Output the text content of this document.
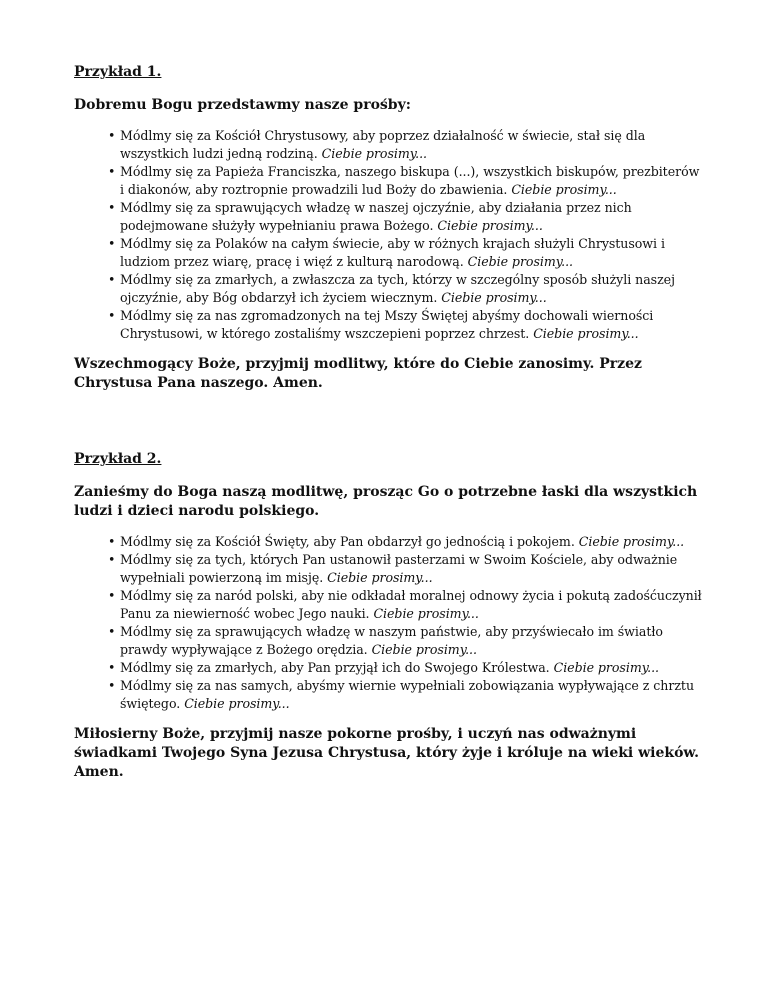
Przykład 1.

Dobremu Bogu przedstawmy nasze prośby:

• Módlmy się za Kościół Chrystusowy, aby poprzez działalność w świecie, stał się dla wszystkich ludzi jedną rodziną. Ciebie prosimy...
• Módlmy się za Papieża Franciszka, naszego biskupa (...), wszystkich biskupów, prezbiterów i diakonów, aby roztropnie prowadzili lud Boży do zbawienia. Ciebie prosimy...
• Módlmy się za sprawujących władzę w naszej ojczyźnie, aby działania przez nich podejmowane służyły wypełnianiu prawa Bożego. Ciebie prosimy...
• Módlmy się za Polaków na całym świecie, aby w różnych krajach służyli Chrystusowi i ludziom przez wiarę, pracę i więź z kulturą narodową. Ciebie prosimy...
• Módlmy się za zmarłych, a zwłaszcza za tych, którzy w szczególny sposób służyli naszej ojczyźnie, aby Bóg obdarzył ich życiem wiecznym. Ciebie prosimy...
• Módlmy się za nas zgromadzonych na tej Mszy Świętej abyśmy dochowali wierności Chrystusowi, w którego zostaliśmy wszczepieni poprzez chrzest. Ciebie prosimy...

Wszechmogący Boże, przyjmij modlitwy, które do Ciebie zanosimy. Przez Chrystusa Pana naszego. Amen.

Przykład 2.

Zanieśmy do Boga naszą modlitwę, prosząc Go o potrzebne łaski dla wszystkich ludzi i dzieci narodu polskiego.

• Módlmy się za Kościół Święty, aby Pan obdarzył go jednością i pokojem. Ciebie prosimy...
• Módlmy się za tych, których Pan ustanowił pasterzami w Swoim Kościele, aby odważnie wypełniali powierzoną im misję. Ciebie prosimy...
• Módlmy się za naród polski, aby nie odkładał moralnej odnowy życia i pokutą zadośćuczynił Panu za niewierność wobec Jego nauki. Ciebie prosimy...
• Módlmy się za sprawujących władzę w naszym państwie, aby przyświecało im światło prawdy wypływające z Bożego orędzia. Ciebie prosimy...
• Módlmy się za zmarłych, aby Pan przyjął ich do Swojego Królestwa. Ciebie prosimy...
• Módlmy się za nas samych, abyśmy wiernie wypełniali zobowiązania wypływające z chrztu świętego. Ciebie prosimy...

Miłosierny Boże, przyjmij nasze pokorne prośby, i uczyń nas odważnymi świadkami Twojego Syna Jezusa Chrystusa, który żyje i króluje na wieki wieków. Amen.
